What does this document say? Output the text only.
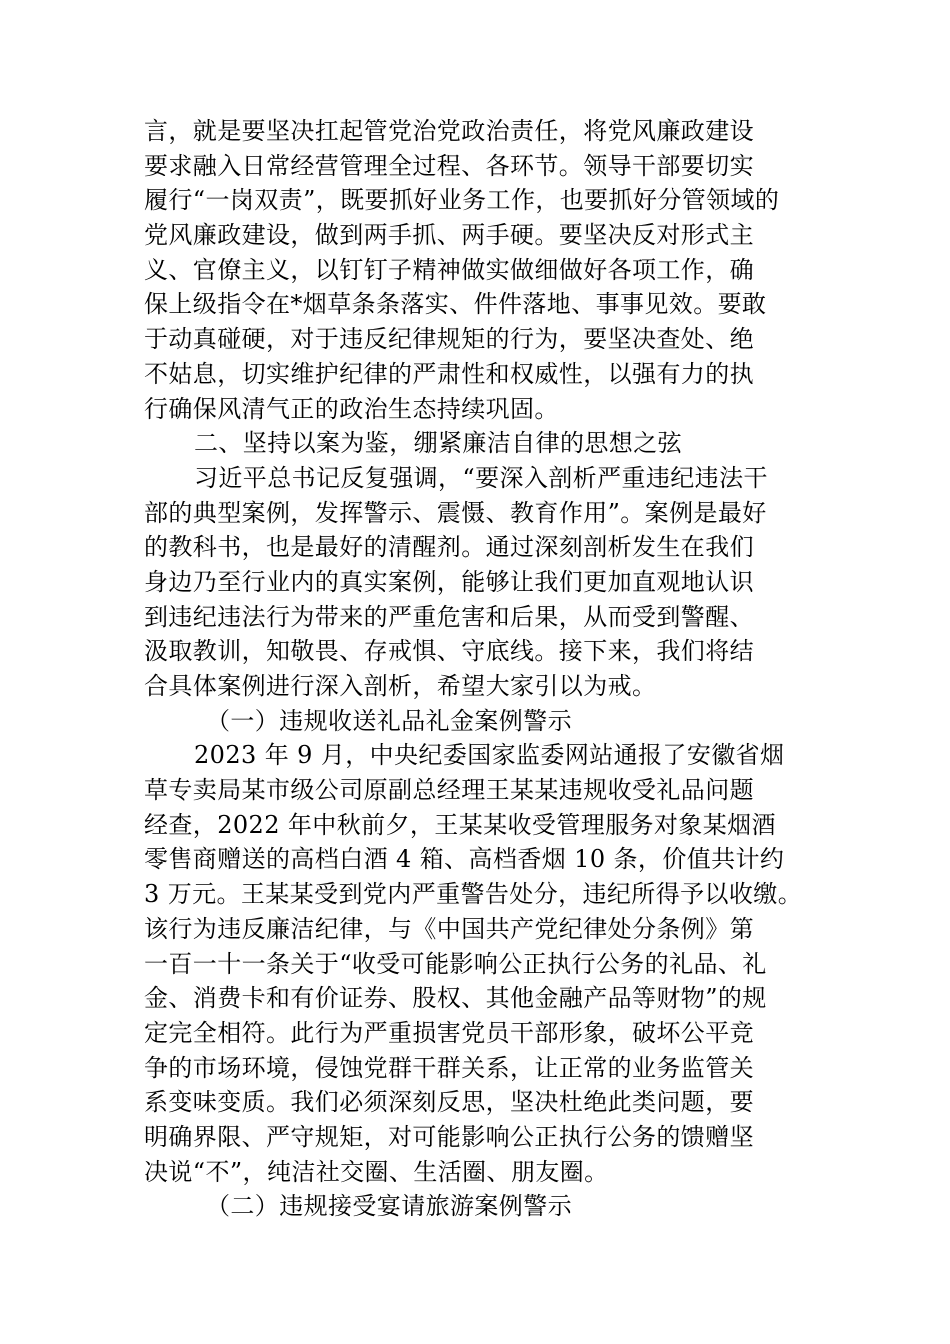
言，就是要坚决扛起管党治党政治责任，将党风廉政建设
要求融入日常经营管理全过程、各环节。领导干部要切实
履行“一岗双责”，既要抓好业务工作，也要抓好分管领域的
党风廉政建设，做到两手抓、两手硬。要坚决反对形式主
义、官僚主义，以钉钉子精神做实做细做好各项工作，确
保上级指令在*烟草条条落实、件件落地、事事见效。要敢
于动真碰硬，对于违反纪律规矩的行为，要坚决查处、绝
不姑息，切实维护纪律的严肃性和权威性，以强有力的执
行确保风清气正的政治生态持续巩固。
二、坚持以案为鉴，绷紧廉洁自律的思想之弦
习近平总书记反复强调，“要深入剖析严重违纪违法干
部的典型案例，发挥警示、震慑、教育作用”。案例是最好
的教科书，也是最好的清醒剂。通过深刻剖析发生在我们
身边乃至行业内的真实案例，能够让我们更加直观地认识
到违纪违法行为带来的严重危害和后果，从而受到警醒、
汲取教训，知敬畏、存戒惧、守底线。接下来，我们将结
合具体案例进行深入剖析，希望大家引以为戒。
（一）违规收送礼品礼金案例警示
2023 年 9 月，中央纪委国家监委网站通报了安徽省烟
草专卖局某市级公司原副总经理王某某违规收受礼品问题
经查，2022 年中秋前夕，王某某收受管理服务对象某烟酒
零售商赠送的高档白酒 4 箱、高档香烟 10 条，价值共计约
3 万元。王某某受到党内严重警告处分，违纪所得予以收缴。
该行为违反廉洁纪律，与《中国共产党纪律处分条例》第
一百一十一条关于“收受可能影响公正执行公务的礼品、礼
金、消费卡和有价证券、股权、其他金融产品等财物”的规
定完全相符。此行为严重损害党员干部形象，破坏公平竞
争的市场环境，侵蚀党群干群关系，让正常的业务监管关
系变味变质。我们必须深刻反思，坚决杜绝此类问题，要
明确界限、严守规矩，对可能影响公正执行公务的馈赠坚
决说“不”，纯洁社交圈、生活圈、朋友圈。
（二）违规接受宴请旅游案例警示
